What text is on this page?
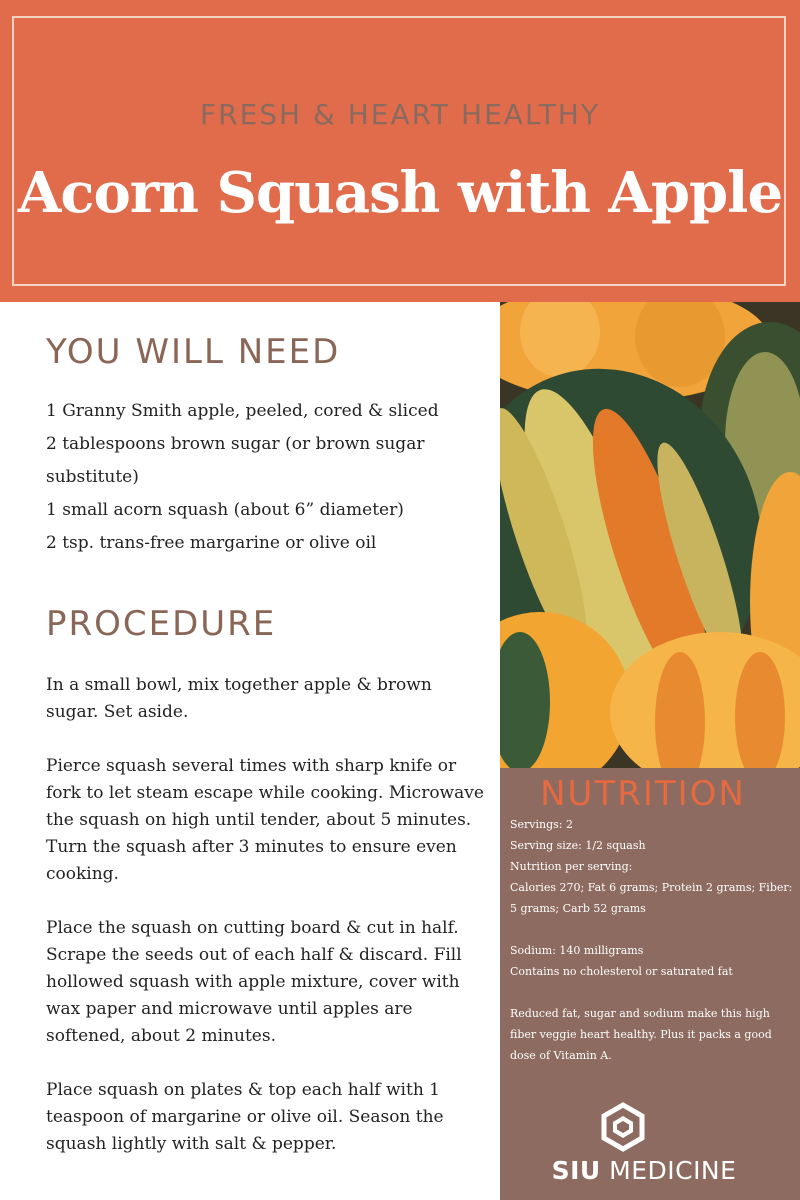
FRESH & HEART HEALTHY
Acorn Squash with Apple
YOU WILL NEED
1 Granny Smith apple, peeled, cored & sliced
2 tablespoons brown sugar (or brown sugar substitute)
1 small acorn squash (about 6” diameter)
2 tsp. trans-free margarine or olive oil
PROCEDURE

In a small bowl, mix together apple & brown sugar. Set aside.

Pierce squash several times with sharp knife or fork to let steam escape while cooking. Microwave the squash on high until tender, about 5 minutes. Turn the squash after 3 minutes to ensure even cooking.

Place the squash on cutting board & cut in half. Scrape the seeds out of each half & discard. Fill hollowed squash with apple mixture, cover with wax paper and microwave until apples are softened, about 2 minutes.

Place squash on plates & top each half with 1 teaspoon of margarine or olive oil. Season the squash lightly with salt & pepper.

NUTRITION
Servings: 2
Serving size: 1/2 squash
Nutrition per serving:

Calories 270; Fat 6 grams; Protein 2 grams; Fiber: 5 grams; Carb 52 grams

Sodium: 140 milligrams

Contains no cholesterol or saturated fat

Reduced fat, sugar and sodium make this high fiber veggie heart healthy. Plus it packs a good dose of Vitamin A.

SIU MEDICINE
